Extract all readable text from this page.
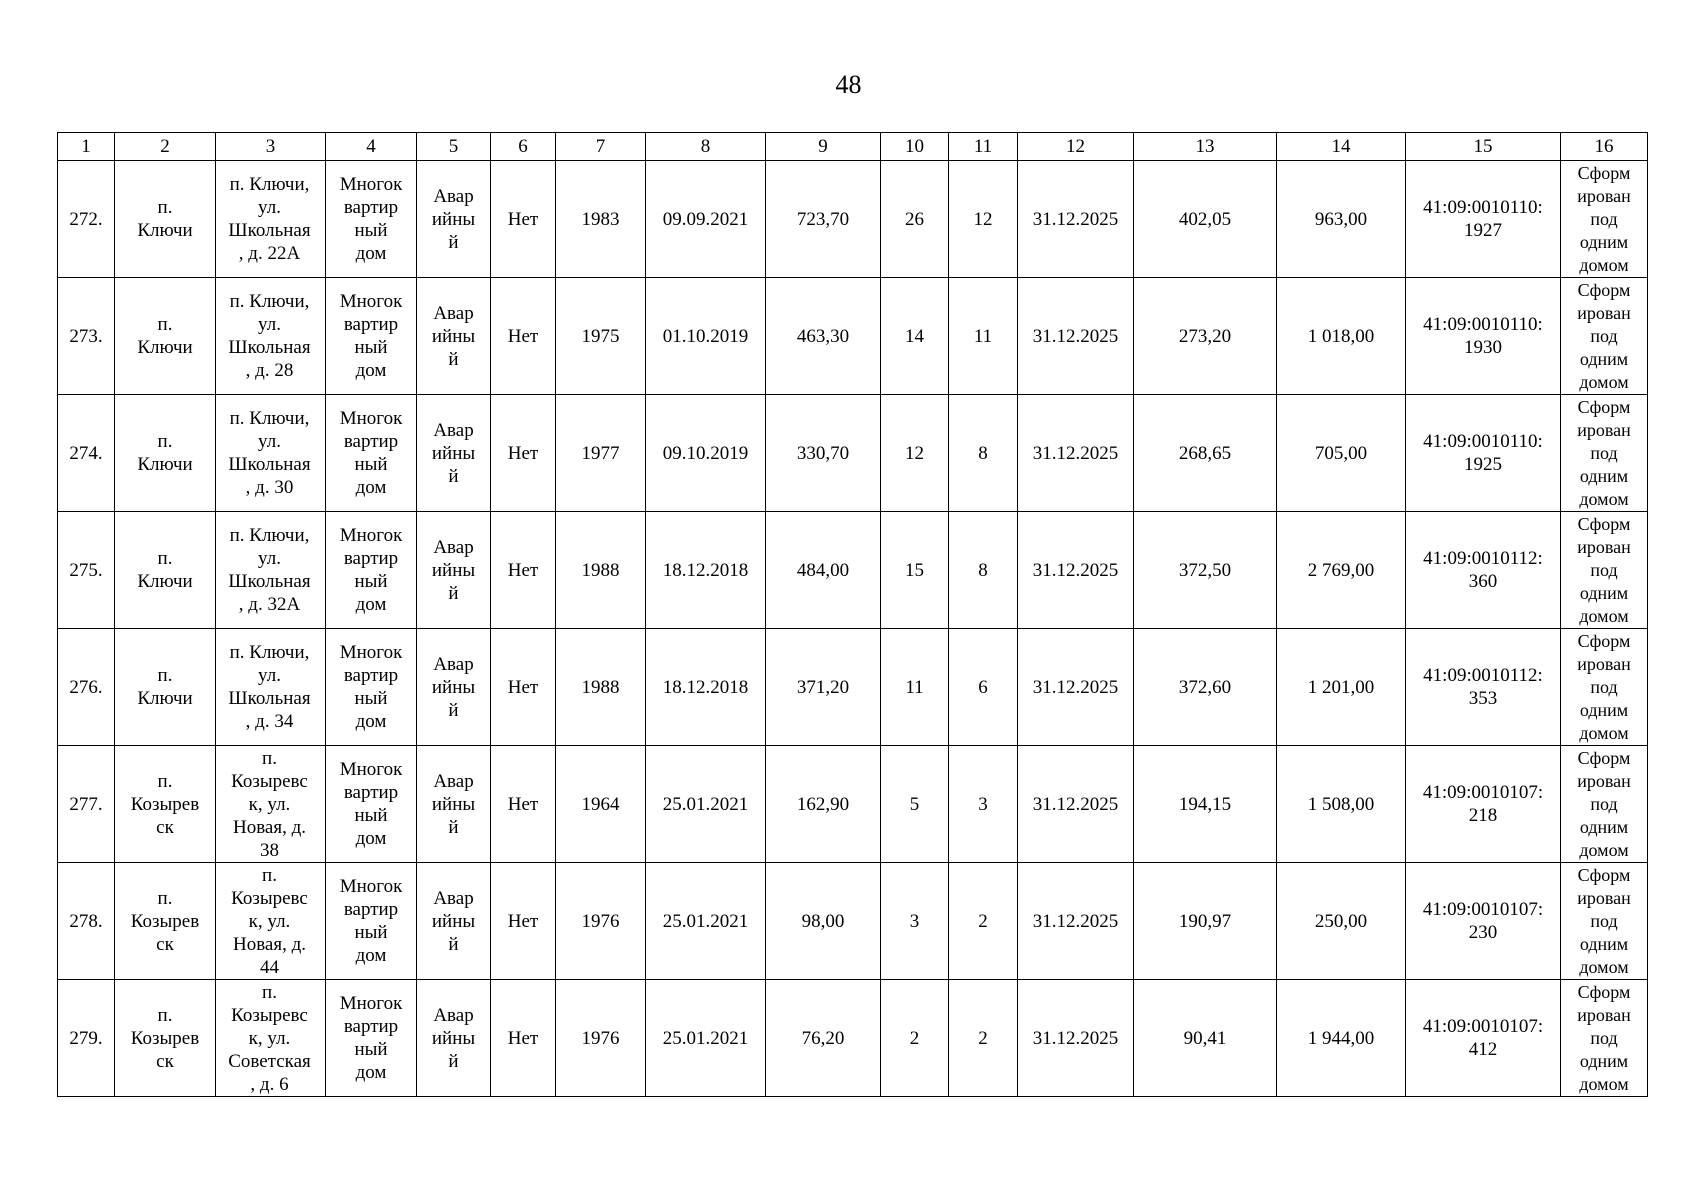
48
1	2	3	4	5	6	7	8	9	10	11	12	13	14	15	16

272.	п.
Ключи	п. Ключи,
ул.
Школьная
, д. 22А	Многок
вартир
ный
дом	Авар
ийны
й	Нет	1983	09.09.2021	723,70	26	12	31.12.2025	402,05	963,00	41:09:0010110:
1927	Сформ
ирован
под
одним
домом

273.	п.
Ключи	п. Ключи,
ул.
Школьная
, д. 28	Многок
вартир
ный
дом	Авар
ийны
й	Нет	1975	01.10.2019	463,30	14	11	31.12.2025	273,20	1 018,00	41:09:0010110:
1930	Сформ
ирован
под
одним
домом

274.	п.
Ключи	п. Ключи,
ул.
Школьная
, д. 30	Многок
вартир
ный
дом	Авар
ийны
й	Нет	1977	09.10.2019	330,70	12	8	31.12.2025	268,65	705,00	41:09:0010110:
1925	Сформ
ирован
под
одним
домом

275.	п.
Ключи	п. Ключи,
ул.
Школьная
, д. 32А	Многок
вартир
ный
дом	Авар
ийны
й	Нет	1988	18.12.2018	484,00	15	8	31.12.2025	372,50	2 769,00	41:09:0010112:
360	Сформ
ирован
под
одним
домом

276.	п.
Ключи	п. Ключи,
ул.
Школьная
, д. 34	Многок
вартир
ный
дом	Авар
ийны
й	Нет	1988	18.12.2018	371,20	11	6	31.12.2025	372,60	1 201,00	41:09:0010112:
353	Сформ
ирован
под
одним
домом

277.	п.
Козырев
ск	п.
Козыревс
к, ул.
Новая, д.
38	Многок
вартир
ный
дом	Авар
ийны
й	Нет	1964	25.01.2021	162,90	5	3	31.12.2025	194,15	1 508,00	41:09:0010107:
218	Сформ
ирован
под
одним
домом

278.	п.
Козырев
ск	п.
Козыревс
к, ул.
Новая, д.
44	Многок
вартир
ный
дом	Авар
ийны
й	Нет	1976	25.01.2021	98,00	3	2	31.12.2025	190,97	250,00	41:09:0010107:
230	Сформ
ирован
под
одним
домом

279.	п.
Козырев
ск	п.
Козыревс
к, ул.
Советская
, д. 6	Многок
вартир
ный
дом	Авар
ийны
й	Нет	1976	25.01.2021	76,20	2	2	31.12.2025	90,41	1 944,00	41:09:0010107:
412	Сформ
ирован
под
одним
домом
